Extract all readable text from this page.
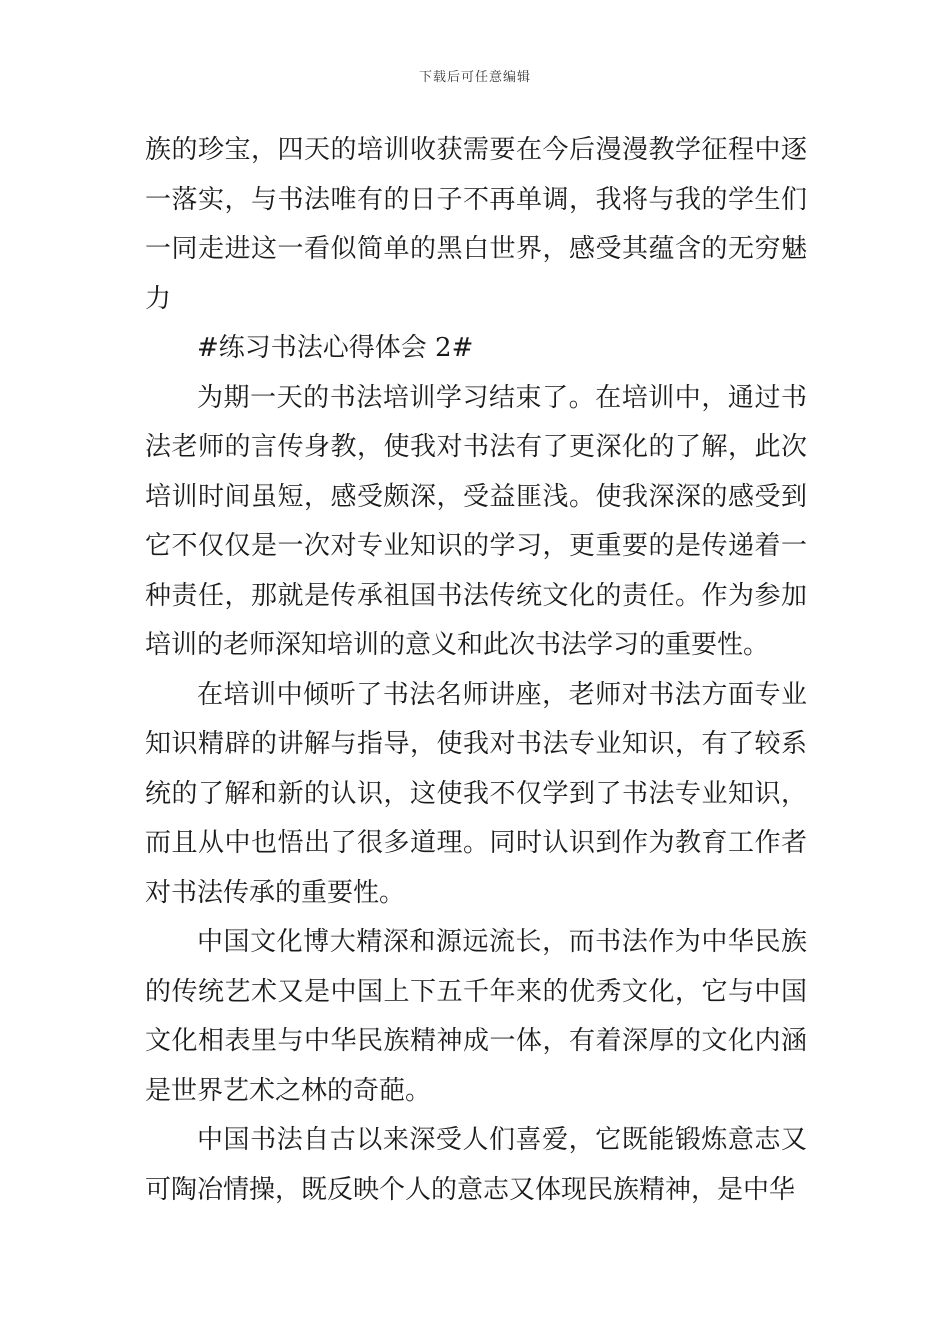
下载后可任意编辑

族的珍宝，四天的培训收获需要在今后漫漫教学征程中逐一落实，与书法唯有的日子不再单调，我将与我的学生们一同走进这一看似简单的黑白世界，感受其蕴含的无穷魅力

#练习书法心得体会 2#

为期一天的书法培训学习结束了。在培训中，通过书法老师的言传身教，使我对书法有了更深化的了解，此次培训时间虽短，感受颇深，受益匪浅。使我深深的感受到它不仅仅是一次对专业知识的学习，更重要的是传递着一种责任，那就是传承祖国书法传统文化的责任。作为参加培训的老师深知培训的意义和此次书法学习的重要性。

在培训中倾听了书法名师讲座，老师对书法方面专业知识精辟的讲解与指导，使我对书法专业知识，有了较系统的了解和新的认识，这使我不仅学到了书法专业知识，而且从中也悟出了很多道理。同时认识到作为教育工作者对书法传承的重要性。

中国文化博大精深和源远流长，而书法作为中华民族的传统艺术又是中国上下五千年来的优秀文化，它与中国文化相表里与中华民族精神成一体，有着深厚的文化内涵是世界艺术之林的奇葩。

中国书法自古以来深受人们喜爱，它既能锻炼意志又可陶冶情操，既反映个人的意志又体现民族精神，是中华
